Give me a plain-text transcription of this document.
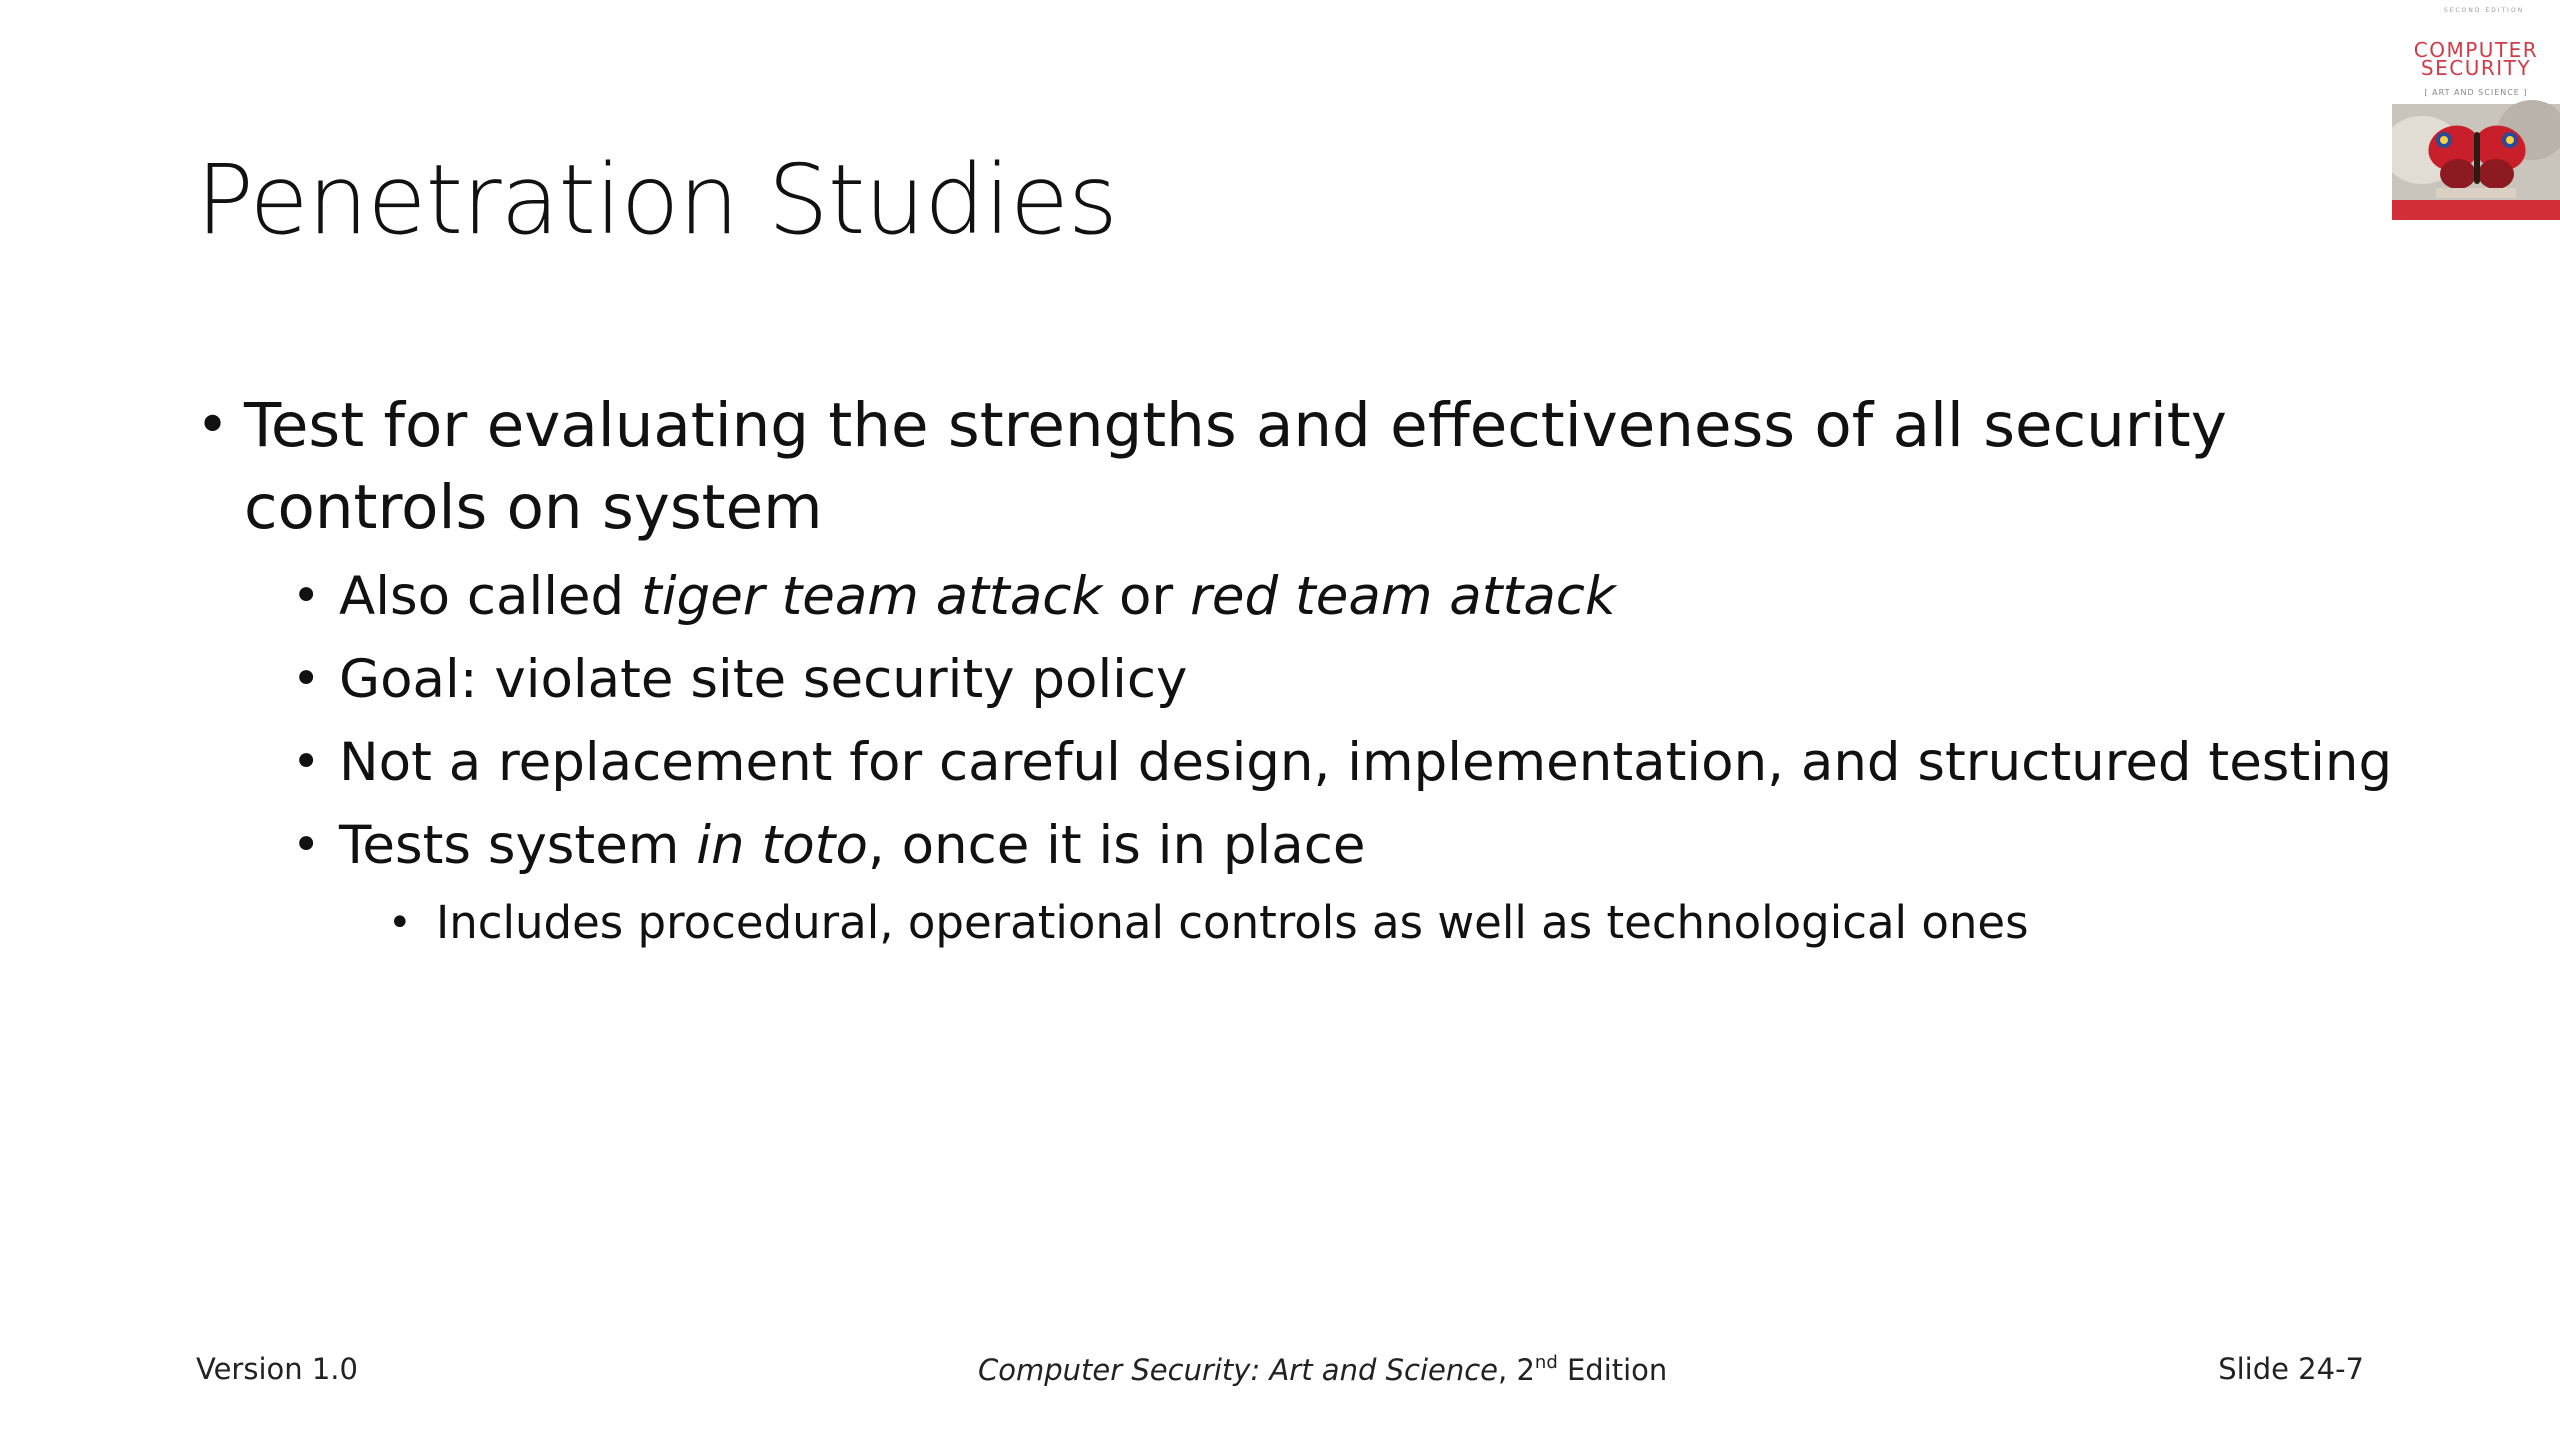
Penetration Studies
SECOND EDITION
COMPUTER
SECURITY
[ ART AND SCIENCE ]
• Test for evaluating the strengths and effectiveness of all security controls on system
• Also called tiger team attack or red team attack
• Goal: violate site security policy
• Not a replacement for careful design, implementation, and structured testing
• Tests system in toto, once it is in place
• Includes procedural, operational controls as well as technological ones
Version 1.0	Computer Security: Art and Science, 2nd Edition	Slide 24-7
